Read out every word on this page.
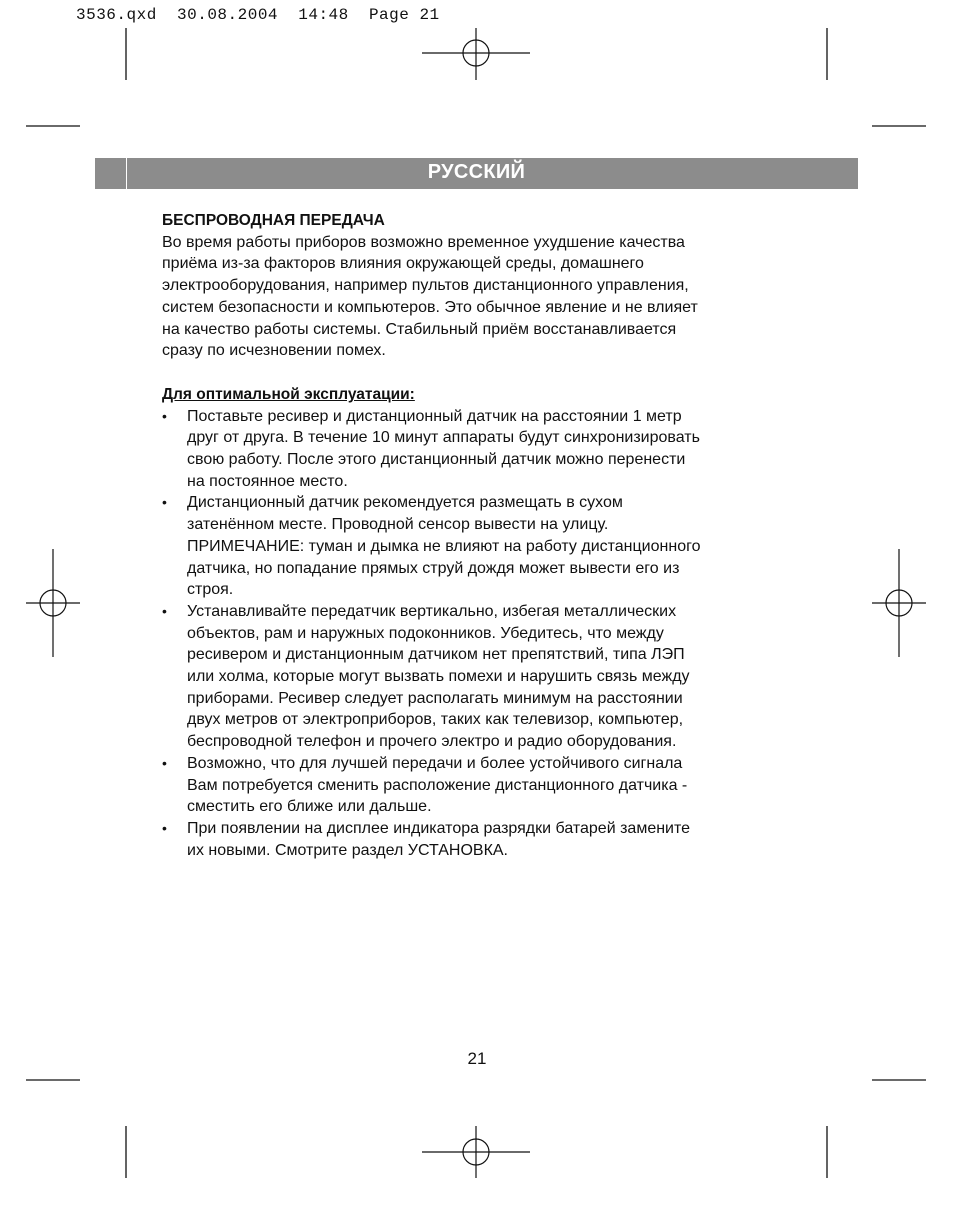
3536.qxd  30.08.2004  14:48  Page 21
РУССКИЙ

БЕСПРОВОДНАЯ ПЕРЕДАЧА

Во время работы приборов возможно временное ухудшение качества
приёма из-за факторов влияния окружающей среды, домашнего
электрооборудования, например пультов дистанционного управления,
систем безопасности и компьютеров. Это обычное явление и не влияет
на качество работы системы. Стабильный приём восстанавливается
сразу по исчезновении помех.

Для оптимальной эксплуатации:

• Поставьте ресивер и дистанционный датчик на расстоянии 1 метр
друг от друга. В течение 10 минут аппараты будут синхронизировать
свою работу. После этого дистанционный датчик можно перенести
на постоянное место.
• Дистанционный датчик рекомендуется размещать в сухом
затенённом месте. Проводной сенсор вывести на улицу.
ПРИМЕЧАНИЕ: туман и дымка не влияют на работу дистанционного
датчика, но попадание прямых струй дождя может вывести его из
строя.
• Устанавливайте передатчик вертикально, избегая металлических
объектов, рам и наружных подоконников. Убедитесь, что между
ресивером и дистанционным датчиком нет препятствий, типа ЛЭП
или холма, которые могут вызвать помехи и нарушить связь между
приборами. Ресивер следует располагать минимум на расстоянии
двух метров от электроприборов, таких как телевизор, компьютер,
беспроводной телефон и прочего электро и радио оборудования.
• Возможно, что для лучшей передачи и более устойчивого сигнала
Вам потребуется сменить расположение дистанционного датчика -
сместить его ближе или дальше.
• При появлении на дисплее индикатора разрядки батарей замените
их новыми. Смотрите раздел УСТАНОВКА.
21
